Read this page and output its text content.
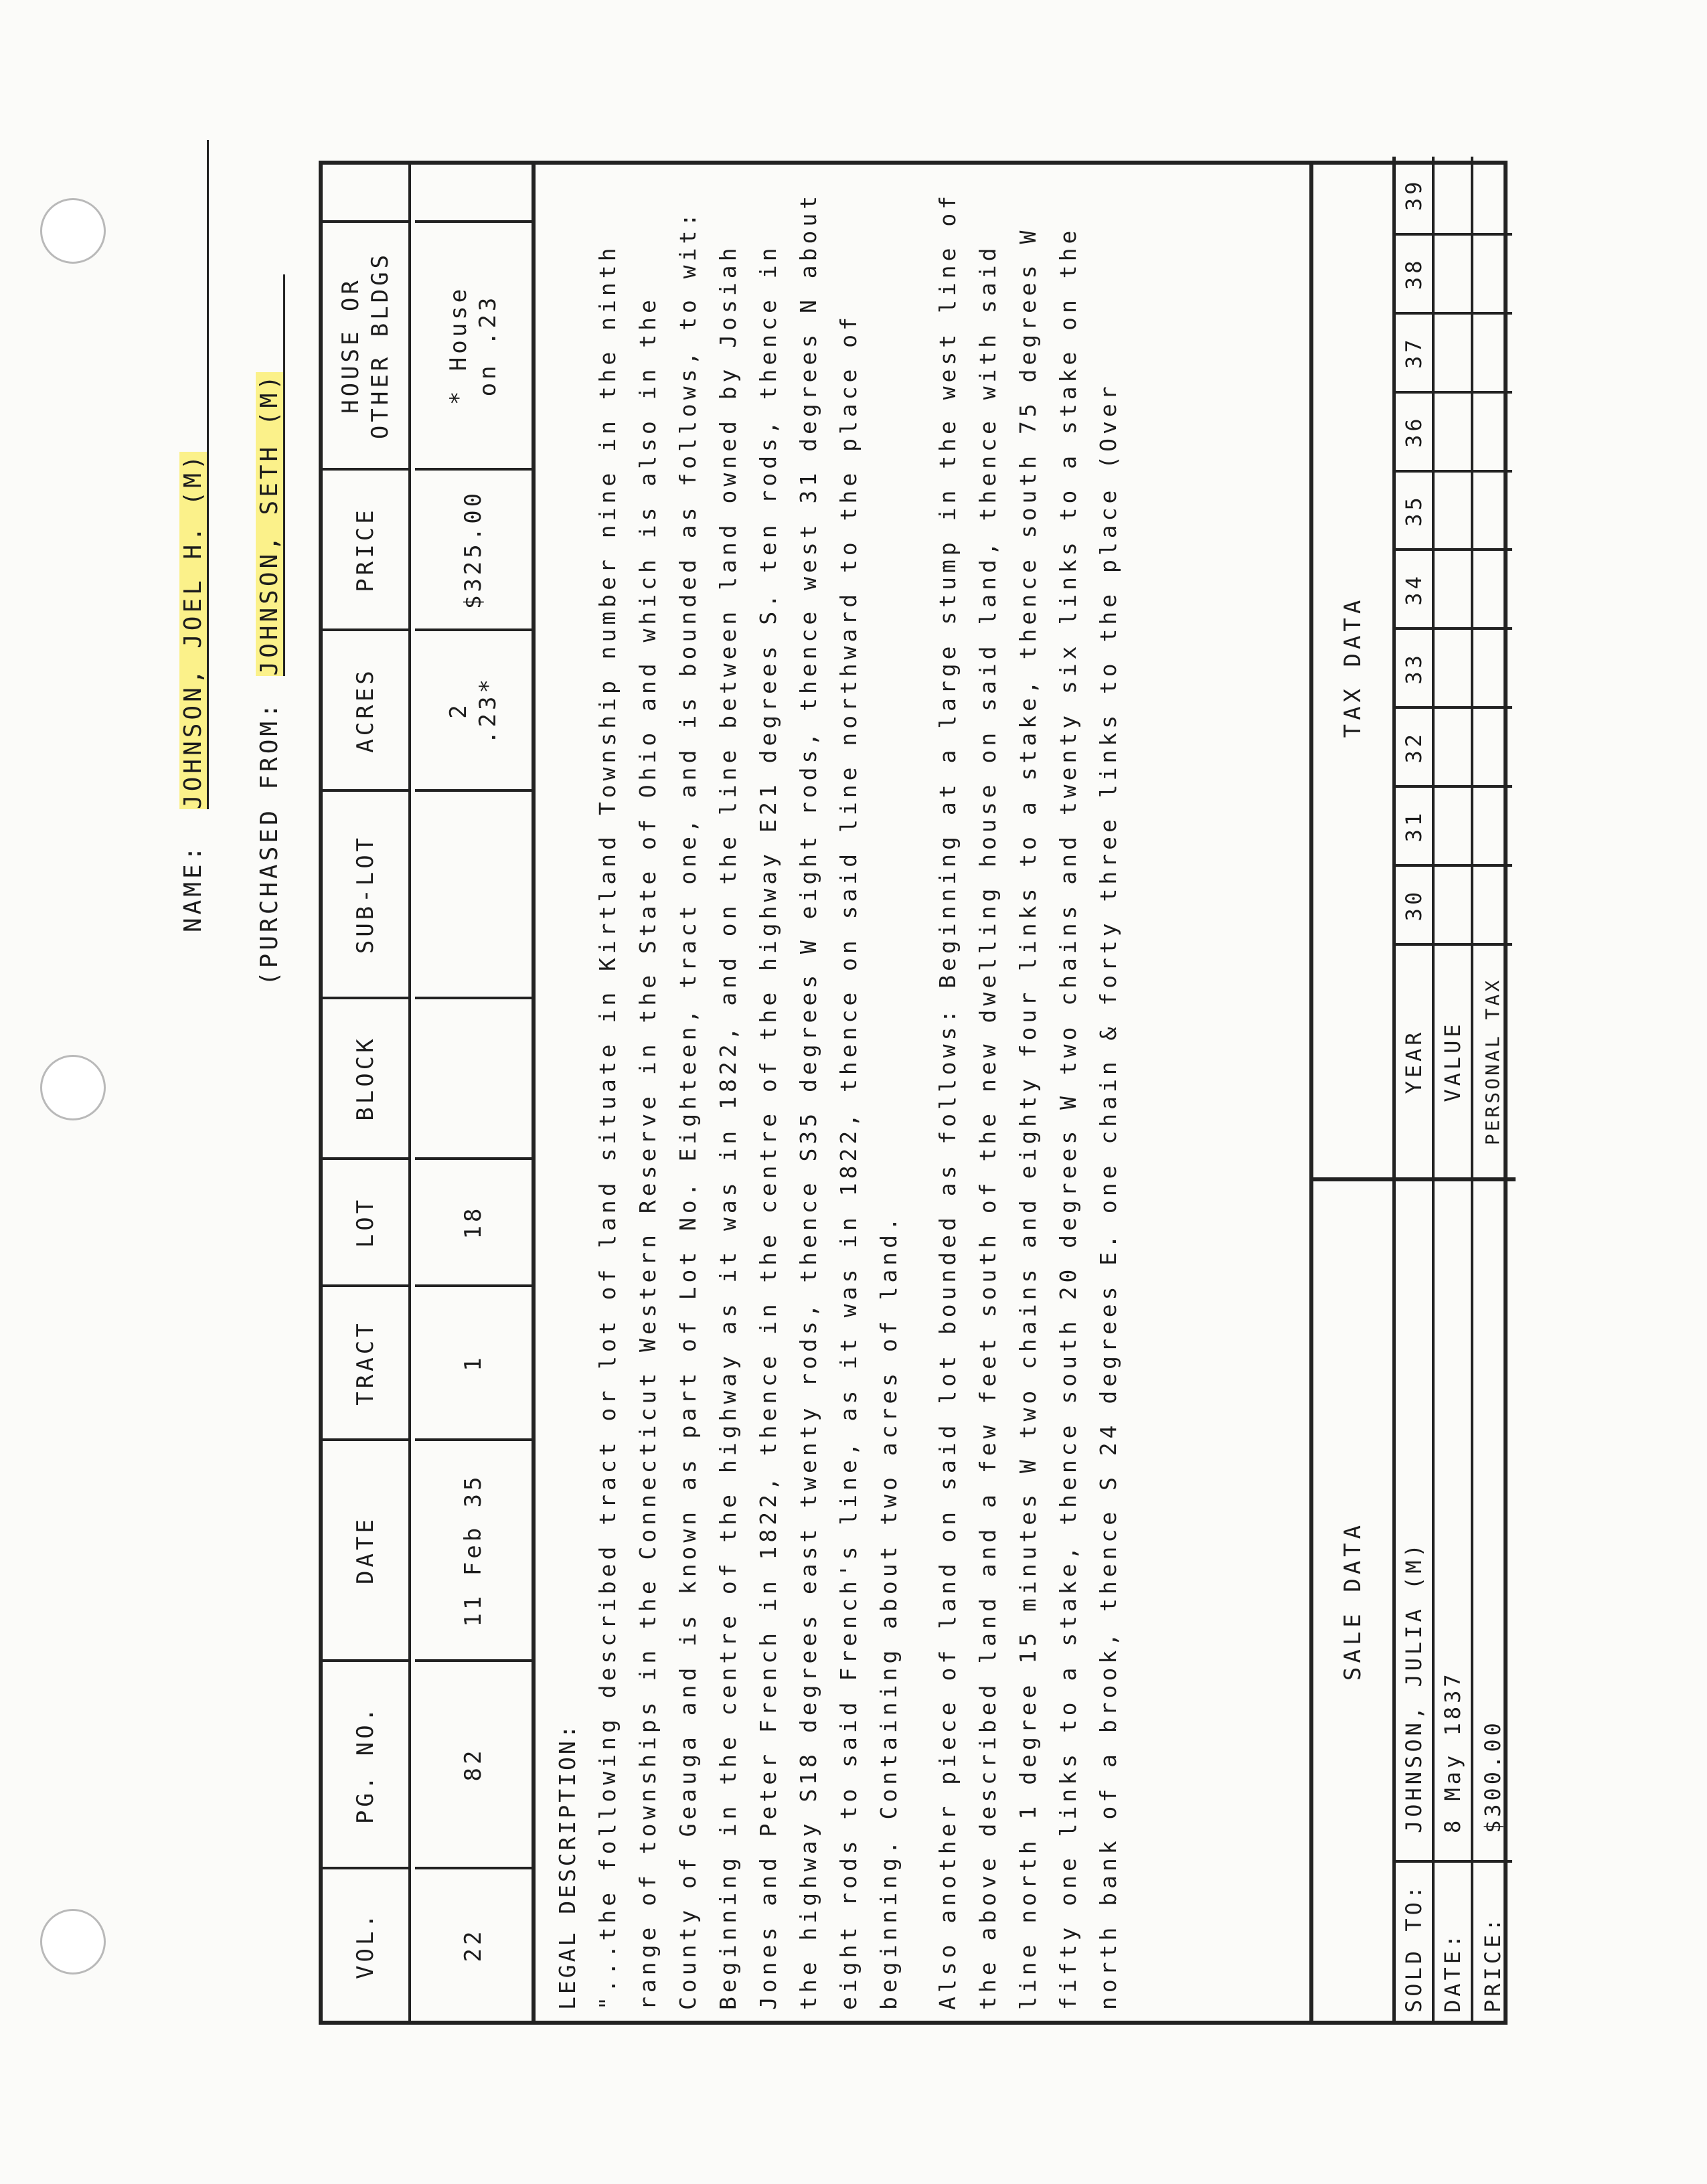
NAME: JOHNSON, JOEL H. (M)
(PURCHASED FROM: JOHNSON, SETH (M)
VOL.
PG. NO.
DATE
TRACT
LOT
BLOCK
SUB-LOT
ACRES
PRICE
HOUSE OR OTHER BLDGS
22
82
11 Feb 35
1
18
2 .23*
$325.00
* House on .23

LEGAL DESCRIPTION: "...the following described tract or lot of land situate in Kirtland Township number nine in the ninth range of townships in the Connecticut Western Reserve in the State of Ohio and which is also in the County of Geauga and is known as part of Lot No. Eighteen, tract one, and is bounded as follows, to wit: Beginning in the centre of the highway as it was in 1822, and on the line between land owned by Josiah Jones and Peter French in 1822, thence in the centre of the highway E21 degrees S. ten rods, thence in the highway S18 degrees east twenty rods, thence S35 degrees W eight rods, thence west 31 degrees N about eight rods to said French's line, as it was in 1822, thence on said line northward to the place of beginning. Containing about two acres of land.	Also another piece of land on said lot bounded as follows: Beginning at a large stump in the west line of the above described land and a few feet south of the new dwelling house on said land, thence with said line north 1 degree 15 minutes W two chains and eighty four links to a stake, thence south 75 degrees W fifty one links to a stake, thence south 20 degrees W two chains and twenty six links to a stake on the north bank of a brook, thence S 24 degrees E. one chain & forty three links to the place (Over	SALE DATA
SOLD TO:
JOHNSON, JULIA (M)
DATE:
8 May 1837
PRICE:
$300.00
TAX DATA
YEAR
30
31
32
33
34
35
36
37
38
39
VALUE PERSONAL TAX
